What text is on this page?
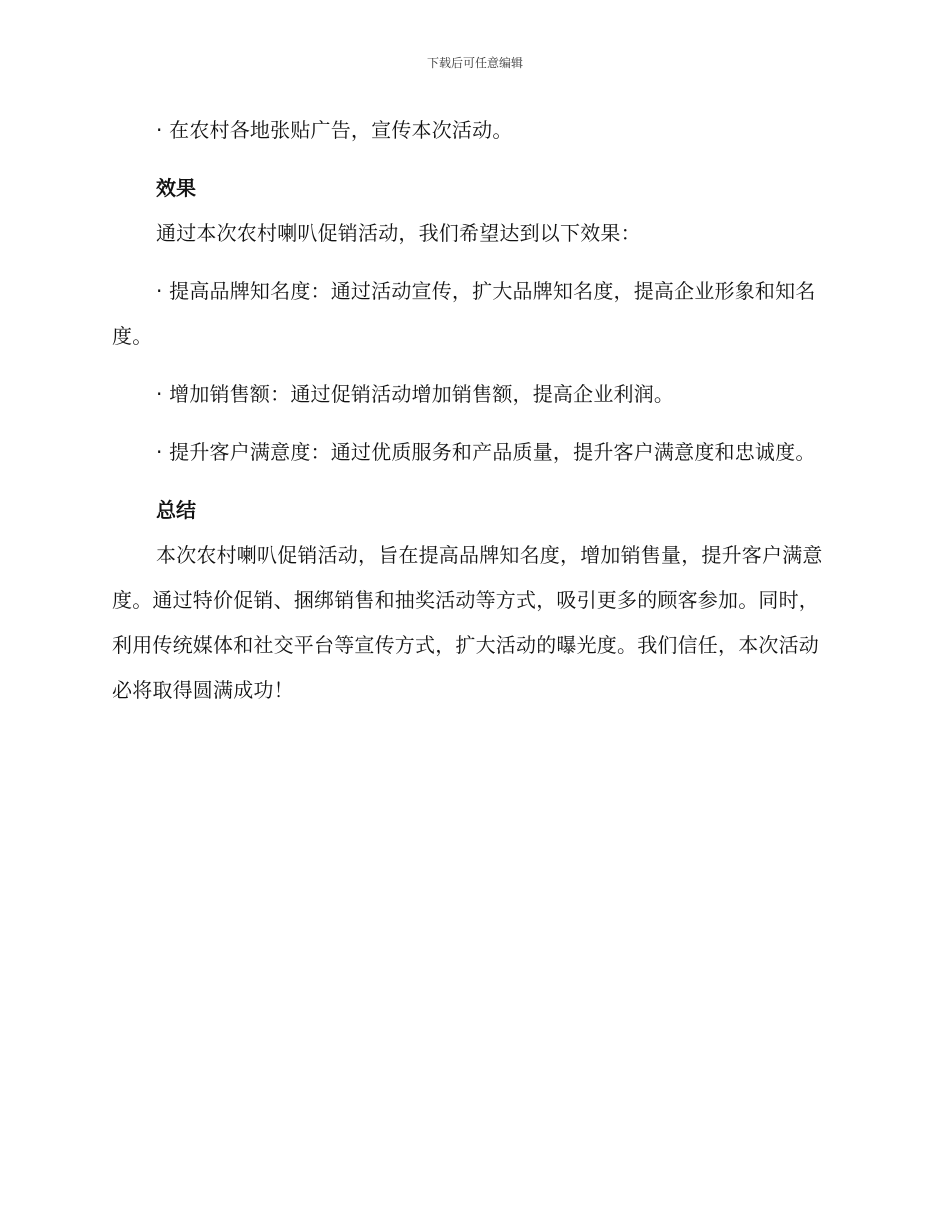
下载后可任意编辑

· 在农村各地张贴广告，宣传本次活动。

效果

通过本次农村喇叭促销活动，我们希望达到以下效果：

· 提高品牌知名度：通过活动宣传，扩大品牌知名度，提高企业形象和知名度。

· 增加销售额：通过促销活动增加销售额，提高企业利润。

· 提升客户满意度：通过优质服务和产品质量，提升客户满意度和忠诚度。

总结

本次农村喇叭促销活动，旨在提高品牌知名度，增加销售量，提升客户满意度。通过特价促销、捆绑销售和抽奖活动等方式，吸引更多的顾客参加。同时，利用传统媒体和社交平台等宣传方式，扩大活动的曝光度。我们信任，本次活动必将取得圆满成功！
